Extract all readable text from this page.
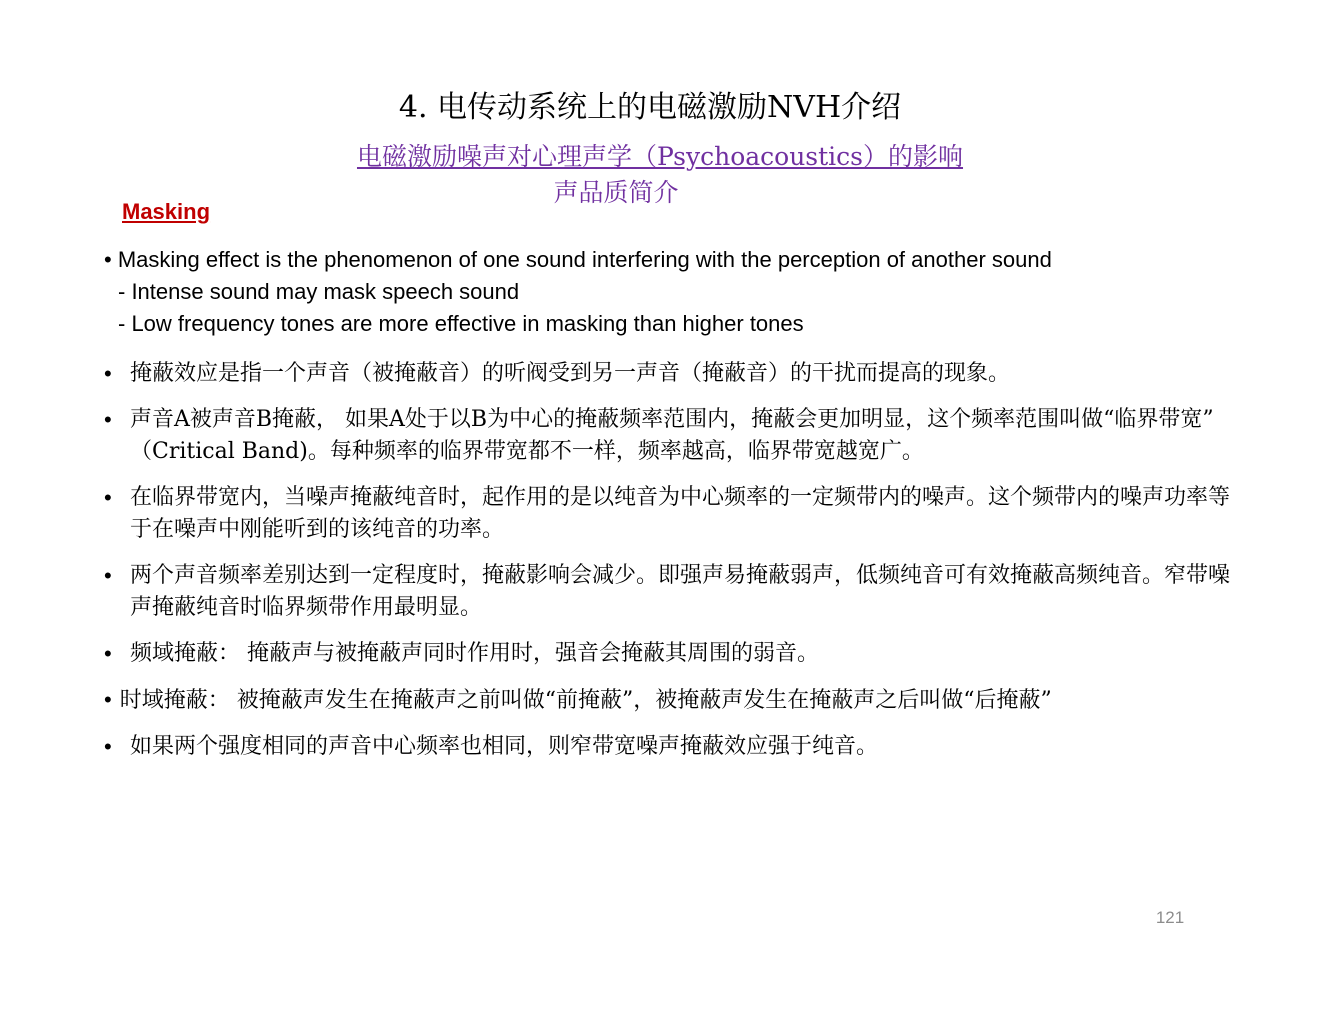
4. 电传动系统上的电磁激励NVH介绍
电磁激励噪声对心理声学（Psychoacoustics）的影响
声品质简介
Masking
• Masking effect is the phenomenon of one sound interfering with the perception of another sound
- Intense sound may mask speech sound
- Low frequency tones are more effective in masking than higher tones
• 掩蔽效应是指一个声音（被掩蔽音）的听阀受到另一声音（掩蔽音）的干扰而提高的现象。
• 声音A被声音B掩蔽， 如果A处于以B为中心的掩蔽频率范围内，掩蔽会更加明显，这个频率范围叫做“临界带宽” （Critical Band)。每种频率的临界带宽都不一样，频率越高，临界带宽越宽广。
• 在临界带宽内，当噪声掩蔽纯音时，起作用的是以纯音为中心频率的一定频带内的噪声。这个频带内的噪声功率等于在噪声中刚能听到的该纯音的功率。
• 两个声音频率差别达到一定程度时，掩蔽影响会减少。即强声易掩蔽弱声，低频纯音可有效掩蔽高频纯音。窄带噪声掩蔽纯音时临界频带作用最明显。
• 频域掩蔽： 掩蔽声与被掩蔽声同时作用时，强音会掩蔽其周围的弱音。
• 时域掩蔽： 被掩蔽声发生在掩蔽声之前叫做“前掩蔽”，被掩蔽声发生在掩蔽声之后叫做“后掩蔽”
• 如果两个强度相同的声音中心频率也相同，则窄带宽噪声掩蔽效应强于纯音。
121
